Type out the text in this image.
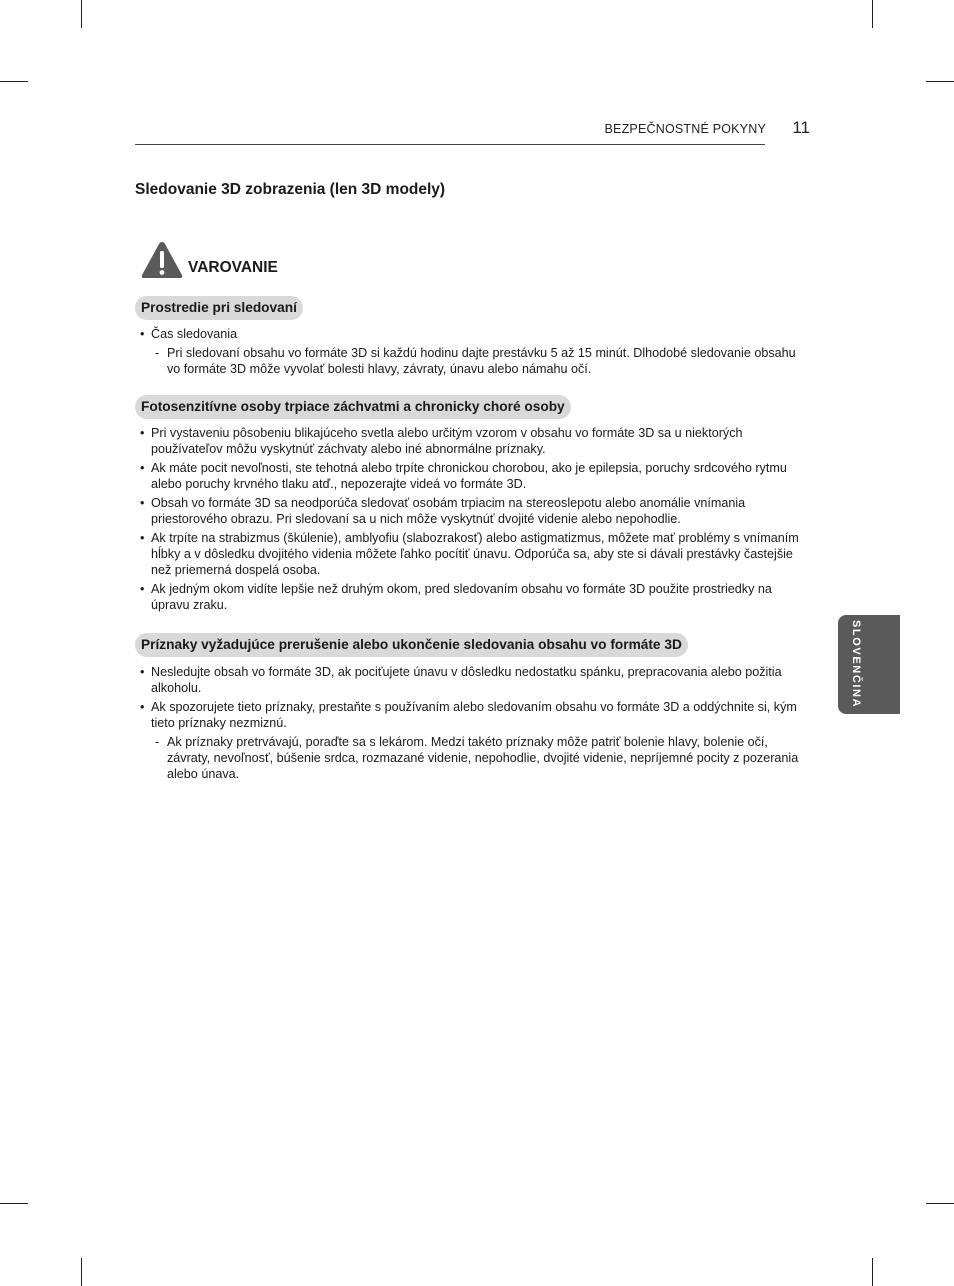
BEZPEČNOSTNÉ POKYNY 11
Sledovanie 3D zobrazenia (len 3D modely)
VAROVANIE
Prostredie pri sledovaní
• Čas sledovania
- Pri sledovaní obsahu vo formáte 3D si každú hodinu dajte prestávku 5 až 15 minút. Dlhodobé sledovanie obsahu vo formáte 3D môže vyvolať bolesti hlavy, závraty, únavu alebo námahu očí.
Fotosenzitívne osoby trpiace záchvatmi a chronicky choré osoby
• Pri vystaveniu pôsobeniu blikajúceho svetla alebo určitým vzorom v obsahu vo formáte 3D sa u niektorých používateľov môžu vyskytnúť záchvaty alebo iné abnormálne príznaky.
• Ak máte pocit nevoľnosti, ste tehotná alebo trpíte chronickou chorobou, ako je epilepsia, poruchy srdcového rytmu alebo poruchy krvného tlaku atď., nepozerajte videá vo formáte 3D.
• Obsah vo formáte 3D sa neodporúča sledovať osobám trpiacim na stereoslepotu alebo anomálie vnímania priestorového obrazu. Pri sledovaní sa u nich môže vyskytnúť dvojité videnie alebo nepohodlie.
• Ak trpíte na strabizmus (škúlenie), amblyofiu (slabozrakosť) alebo astigmatizmus, môžete mať problémy s vnímaním hĺbky a v dôsledku dvojitého videnia môžete ľahko pocítiť únavu. Odporúča sa, aby ste si dávali prestávky častejšie než priemerná dospelá osoba.
• Ak jedným okom vidíte lepšie než druhým okom, pred sledovaním obsahu vo formáte 3D použite prostriedky na úpravu zraku.
Príznaky vyžadujúce prerušenie alebo ukončenie sledovania obsahu vo formáte 3D
• Nesledujte obsah vo formáte 3D, ak pociťujete únavu v dôsledku nedostatku spánku, prepracovania alebo požitia alkoholu.
• Ak spozorujete tieto príznaky, prestaňte s používaním alebo sledovaním obsahu vo formáte 3D a oddýchnite si, kým tieto príznaky nezmiznú.
- Ak príznaky pretrvávajú, poraďte sa s lekárom. Medzi takéto príznaky môže patriť bolenie hlavy, bolenie očí, závraty, nevoľnosť, búšenie srdca, rozmazané videnie, nepohodlie, dvojité videnie, nepríjemné pocity z pozerania alebo únava.
SLOVENČINA
